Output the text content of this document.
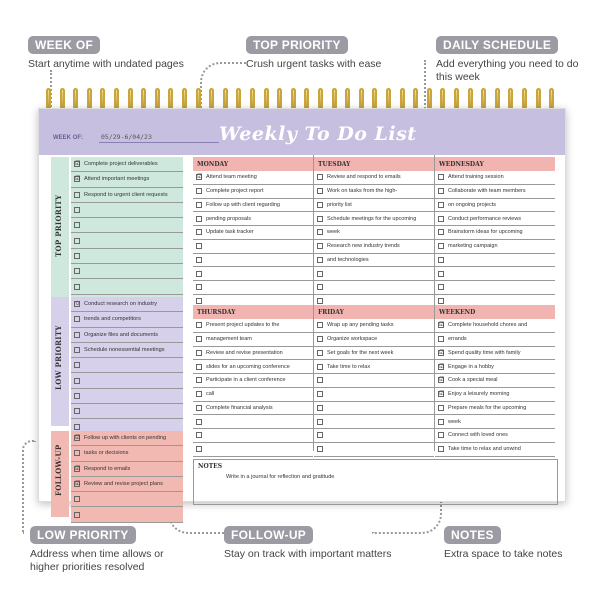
WEEK OF
Start anytime with undated pages
TOP PRIORITY
Crush urgent tasks with ease
DAILY SCHEDULE
Add everything you need to do this week
LOW PRIORITY
Address when time allows or higher priorities resolved
FOLLOW-UP
Stay on track with important matters
NOTES
Extra space to take notes
WEEK OF:	05/29-6/04/23	Weekly To Do List
TOP PRIORITY
☑ Complete project deliverables
☑ Attend important meetings
Respond to urgent client requests
LOW PRIORITY
✩ Conduct research on industry
trends and competitors
Organize files and documents
Schedule nonessential meetings
FOLLOW-UP
☑ Follow up with clients on pending
tasks or decisions
☑ Respond to emails
☑ Review and revise project plans
MONDAY
☑ Attend team meeting
Complete project report
Follow up with client regarding
pending proposals
Update task tracker
TUESDAY
Review and respond to emails
Work on tasks from the high-
priority list
Schedule meetings for the upcoming
week
Research new industry trends
and technologies
WEDNESDAY
Attend training session
Collaborate with team members
on ongoing projects
Conduct performance reviews
Brainstorm ideas for upcoming
marketing campaign
THURSDAY
Present project updates to the
management team
Review and revise presentation
slides for an upcoming conference
Participate in a client conference
call
Complete financial analysis
FRIDAY
Wrap up any pending tasks
Organize workspace
Set goals for the next week
Take time to relax
WEEKEND
☑ Complete household chores and
errands
☑ Spend quality time with family
☑ Engage in a hobby
☑ Cook a special meal
☑ Enjoy a leisurely morning
Prepare meals for the upcoming
week
Connect with loved ones
Take time to relax and unwind
NOTES
Write in a journal for reflection and gratitude
